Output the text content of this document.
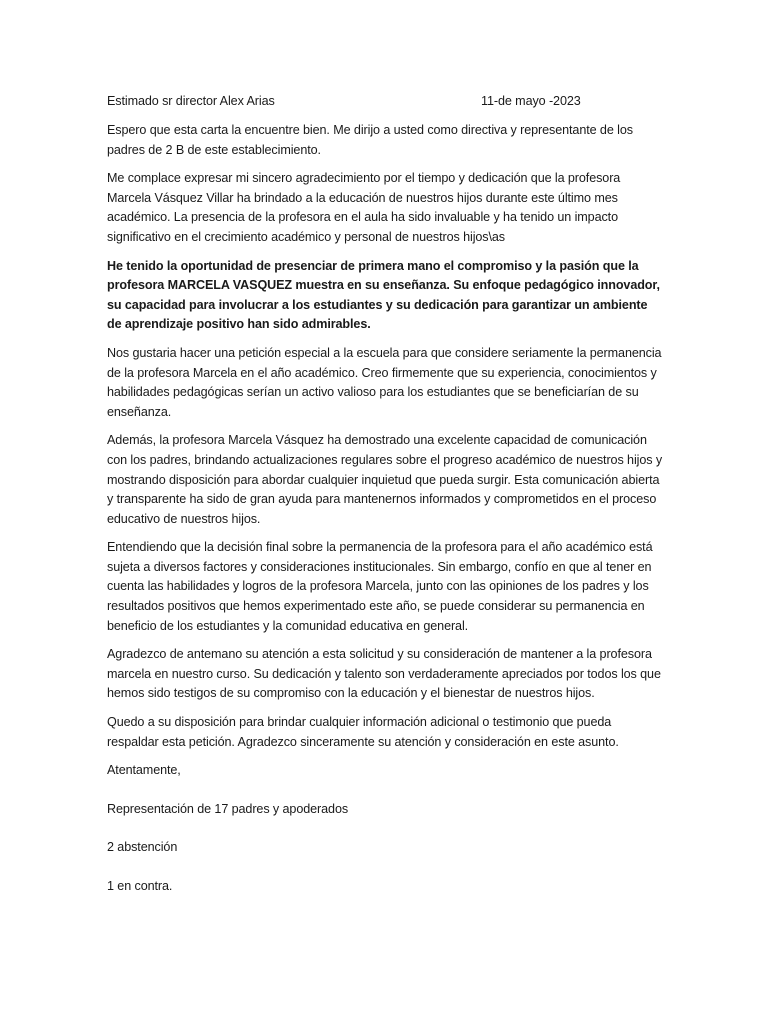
Estimado sr director Alex Arias	11-de mayo -2023

Espero que esta carta la encuentre bien. Me dirijo a usted como directiva y representante de los padres de 2 B de este establecimiento.

Me complace expresar mi sincero agradecimiento por el tiempo y dedicación que la profesora Marcela Vásquez Villar ha brindado a la educación de nuestros hijos durante este último mes académico. La presencia de la profesora en el aula ha sido invaluable y ha tenido un impacto significativo en el crecimiento académico y personal de nuestros hijos\as

He tenido la oportunidad de presenciar de primera mano el compromiso y la pasión que la profesora MARCELA VASQUEZ muestra en su enseñanza. Su enfoque pedagógico innovador, su capacidad para involucrar a los estudiantes y su dedicación para garantizar un ambiente de aprendizaje positivo han sido admirables.

Nos gustaria hacer una petición especial a la escuela para que considere seriamente la permanencia de la profesora Marcela en el año académico. Creo firmemente que su experiencia, conocimientos y habilidades pedagógicas serían un activo valioso para los estudiantes que se beneficiarían de su enseñanza.

Además, la profesora Marcela Vásquez ha demostrado una excelente capacidad de comunicación con los padres, brindando actualizaciones regulares sobre el progreso académico de nuestros hijos y mostrando disposición para abordar cualquier inquietud que pueda surgir. Esta comunicación abierta y transparente ha sido de gran ayuda para mantenernos informados y comprometidos en el proceso educativo de nuestros hijos.

Entendiendo que la decisión final sobre la permanencia de la profesora para el año académico está sujeta a diversos factores y consideraciones institucionales. Sin embargo, confío en que al tener en cuenta las habilidades y logros de la profesora Marcela, junto con las opiniones de los padres y los resultados positivos que hemos experimentado este año, se puede considerar su permanencia en beneficio de los estudiantes y la comunidad educativa en general.

Agradezco de antemano su atención a esta solicitud y su consideración de mantener a la profesora marcela en nuestro curso. Su dedicación y talento son verdaderamente apreciados por todos los que hemos sido testigos de su compromiso con la educación y el bienestar de nuestros hijos.

Quedo a su disposición para brindar cualquier información adicional o testimonio que pueda respaldar esta petición. Agradezco sinceramente su atención y consideración en este asunto.

Atentamente,

Representación de 17 padres y apoderados

2 abstención

1 en contra.
